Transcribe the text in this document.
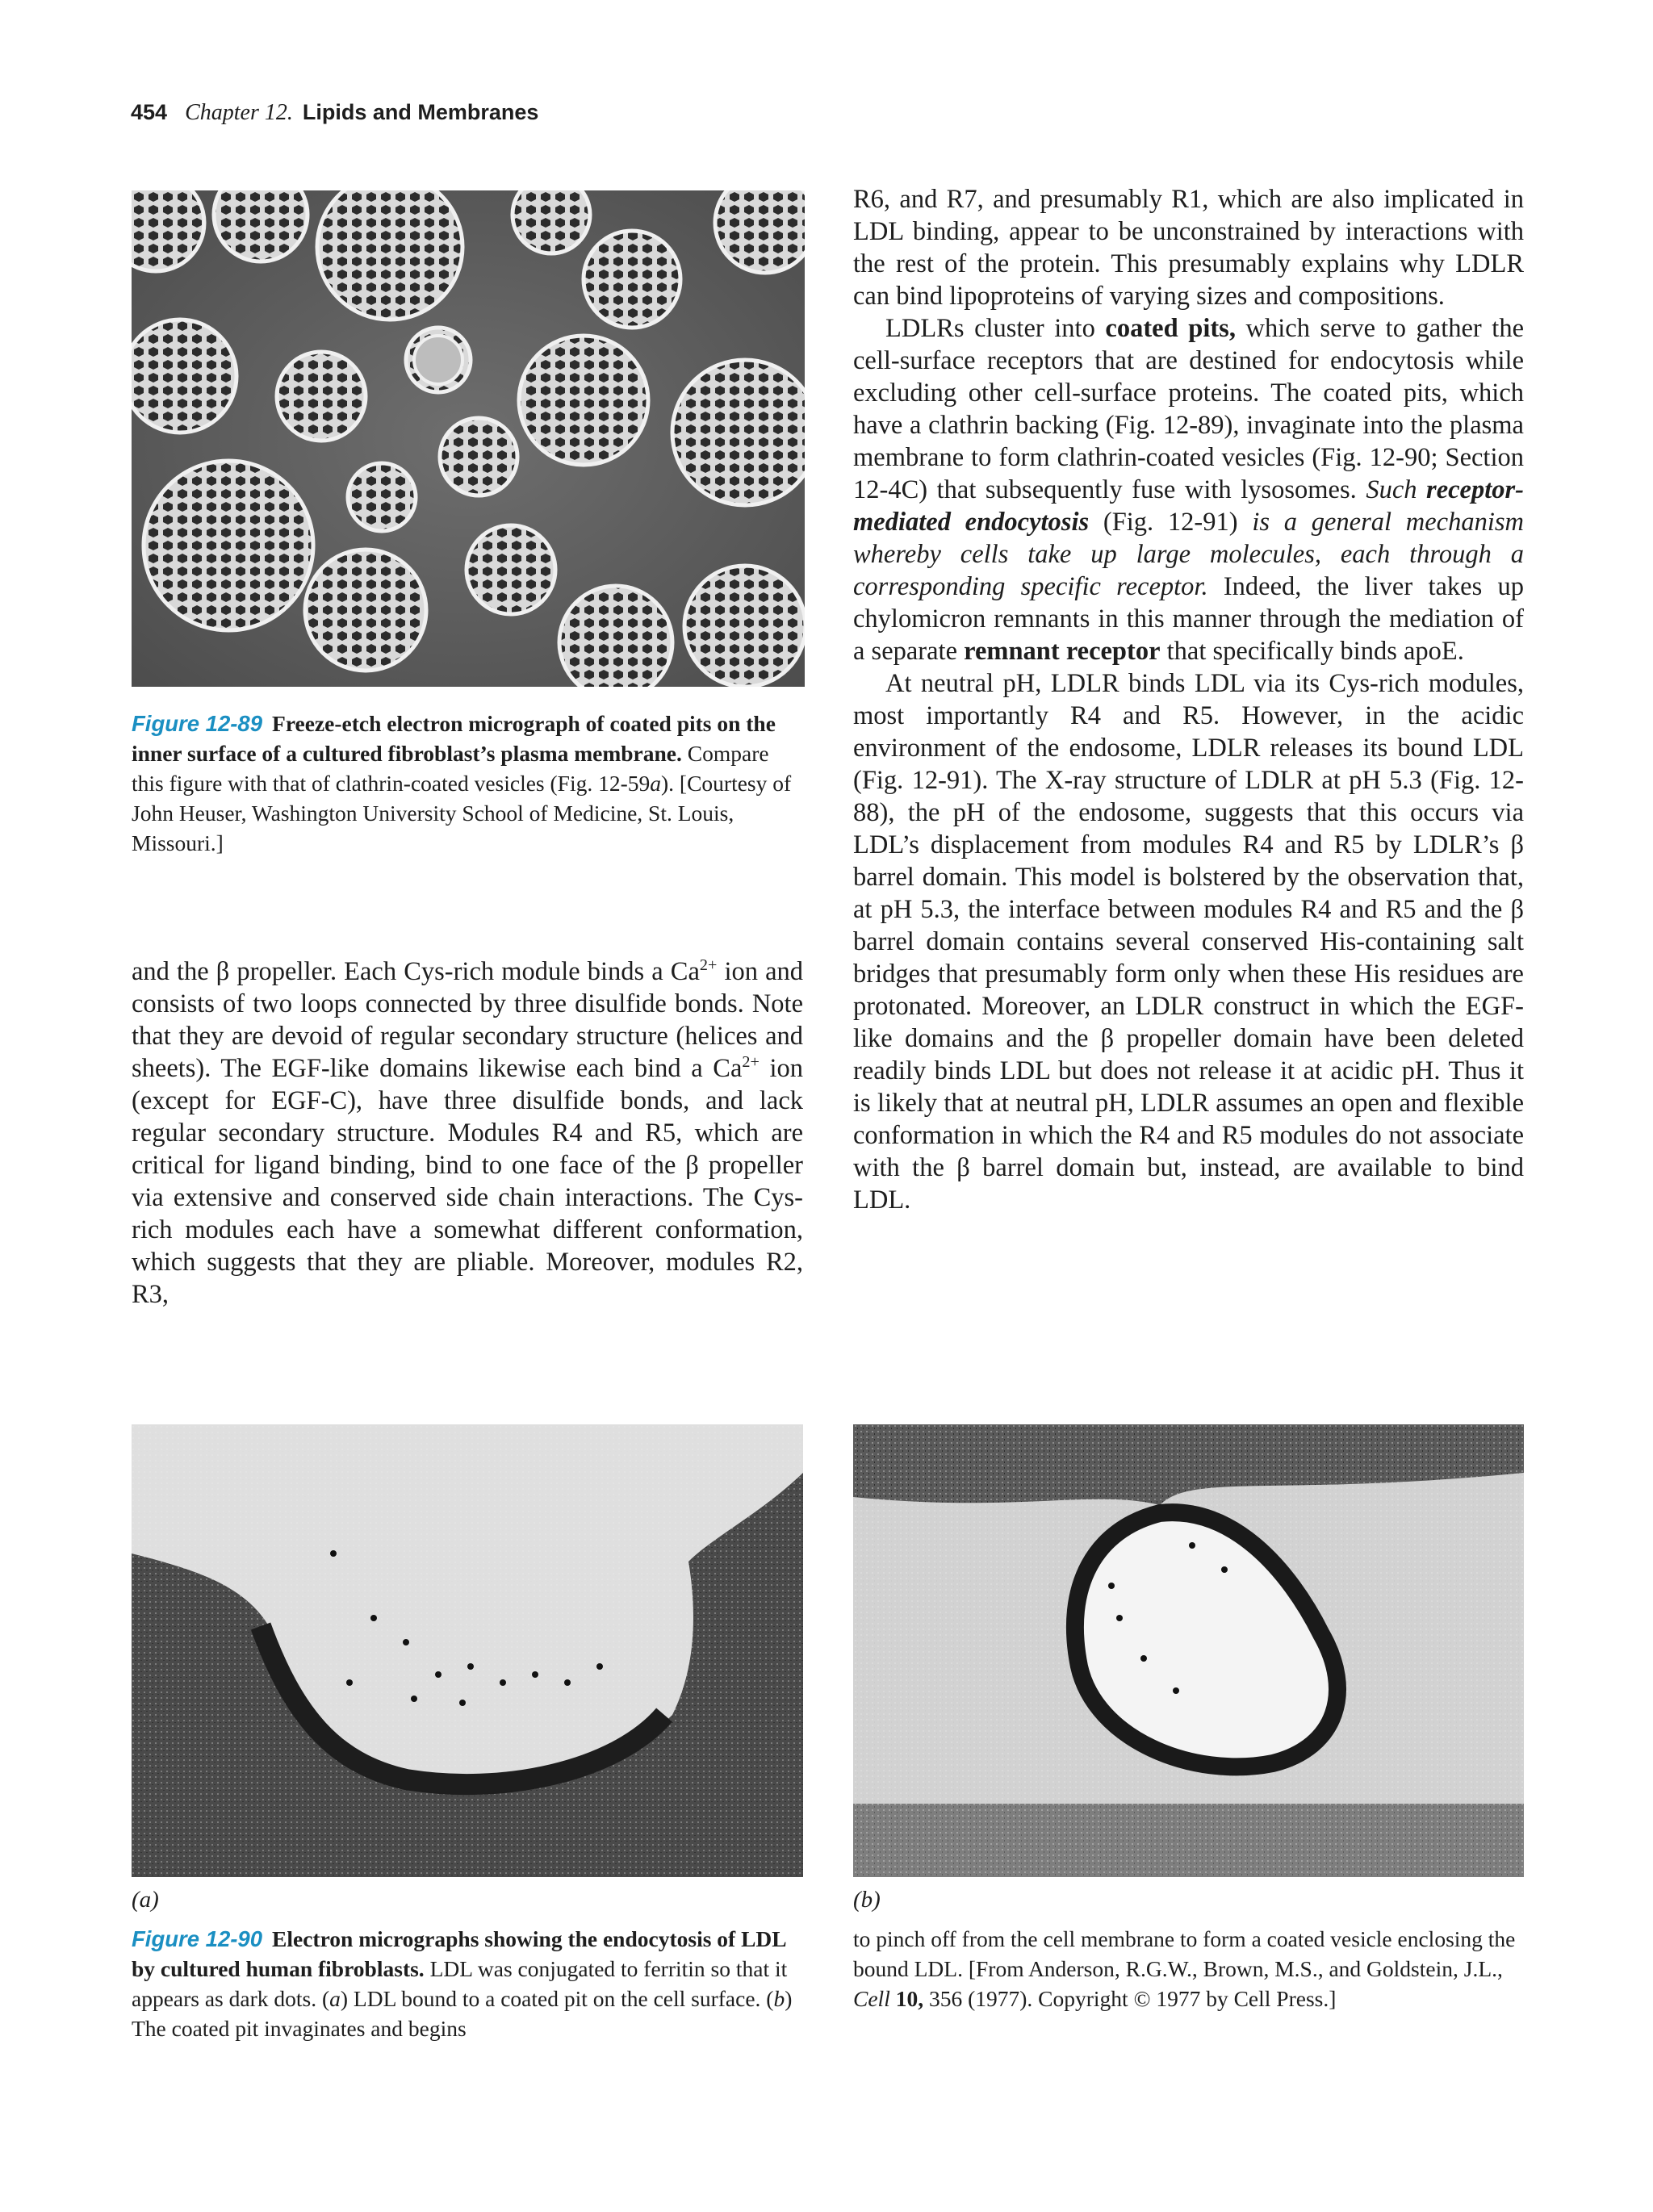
454 Chapter 12. Lipids and Membranes
Figure 12-89 Freeze-etch electron micrograph of coated pits on the inner surface of a cultured fibroblast’s plasma membrane. Compare this figure with that of clathrin-coated vesicles (Fig. 12-59a). [Courtesy of John Heuser, Washington University School of Medicine, St. Louis, Missouri.]

and the β propeller. Each Cys-rich module binds a $Ca^{2+}$ ion and consists of two loops connected by three disulfide bonds. Note that they are devoid of regular secondary structure (helices and sheets). The EGF-like domains likewise each bind a $Ca^{2+}$ ion (except for EGF-C), have three disulfide bonds, and lack regular secondary structure. Modules R4 and R5, which are critical for ligand binding, bind to one face of the β propeller via extensive and conserved side chain interactions. The Cys-rich modules each have a somewhat different conformation, which suggests that they are pliable. Moreover, modules R2, R3,

R6, and R7, and presumably R1, which are also implicated in LDL binding, appear to be unconstrained by interactions with the rest of the protein. This presumably explains why LDLR can bind lipoproteins of varying sizes and compositions.

LDLRs cluster into coated pits, which serve to gather the cell-surface receptors that are destined for endocytosis while excluding other cell-surface proteins. The coated pits, which have a clathrin backing (Fig. 12-89), invaginate into the plasma membrane to form clathrin-coated vesicles (Fig. 12-90; Section 12-4C) that subsequently fuse with lysosomes. Such receptor-mediated endocytosis (Fig. 12-91) is a general mechanism whereby cells take up large molecules, each through a corresponding specific receptor. Indeed, the liver takes up chylomicron remnants in this manner through the mediation of a separate remnant receptor that specifically binds apoE.

At neutral pH, LDLR binds LDL via its Cys-rich modules, most importantly R4 and R5. However, in the acidic environment of the endosome, LDLR releases its bound LDL (Fig. 12-91). The X-ray structure of LDLR at pH 5.3 (Fig. 12-88), the pH of the endosome, suggests that this occurs via LDL’s displacement from modules R4 and R5 by LDLR’s β barrel domain. This model is bolstered by the observation that, at pH 5.3, the interface between modules R4 and R5 and the β barrel domain contains several conserved His-containing salt bridges that presumably form only when these His residues are protonated. Moreover, an LDLR construct in which the EGF-like domains and the β propeller domain have been deleted readily binds LDL but does not release it at acidic pH. Thus it is likely that at neutral pH, LDLR assumes an open and flexible conformation in which the R4 and R5 modules do not associate with the β barrel domain but, instead, are available to bind LDL.

(a)	(b)
Figure 12-90 Electron micrographs showing the endocytosis of LDL by cultured human fibroblasts. LDL was conjugated to ferritin so that it appears as dark dots. (a) LDL bound to a coated pit on the cell surface. (b) The coated pit invaginates and begins
to pinch off from the cell membrane to form a coated vesicle enclosing the bound LDL. [From Anderson, R.G.W., Brown, M.S., and Goldstein, J.L., Cell 10, 356 (1977). Copyright © 1977 by Cell Press.]
